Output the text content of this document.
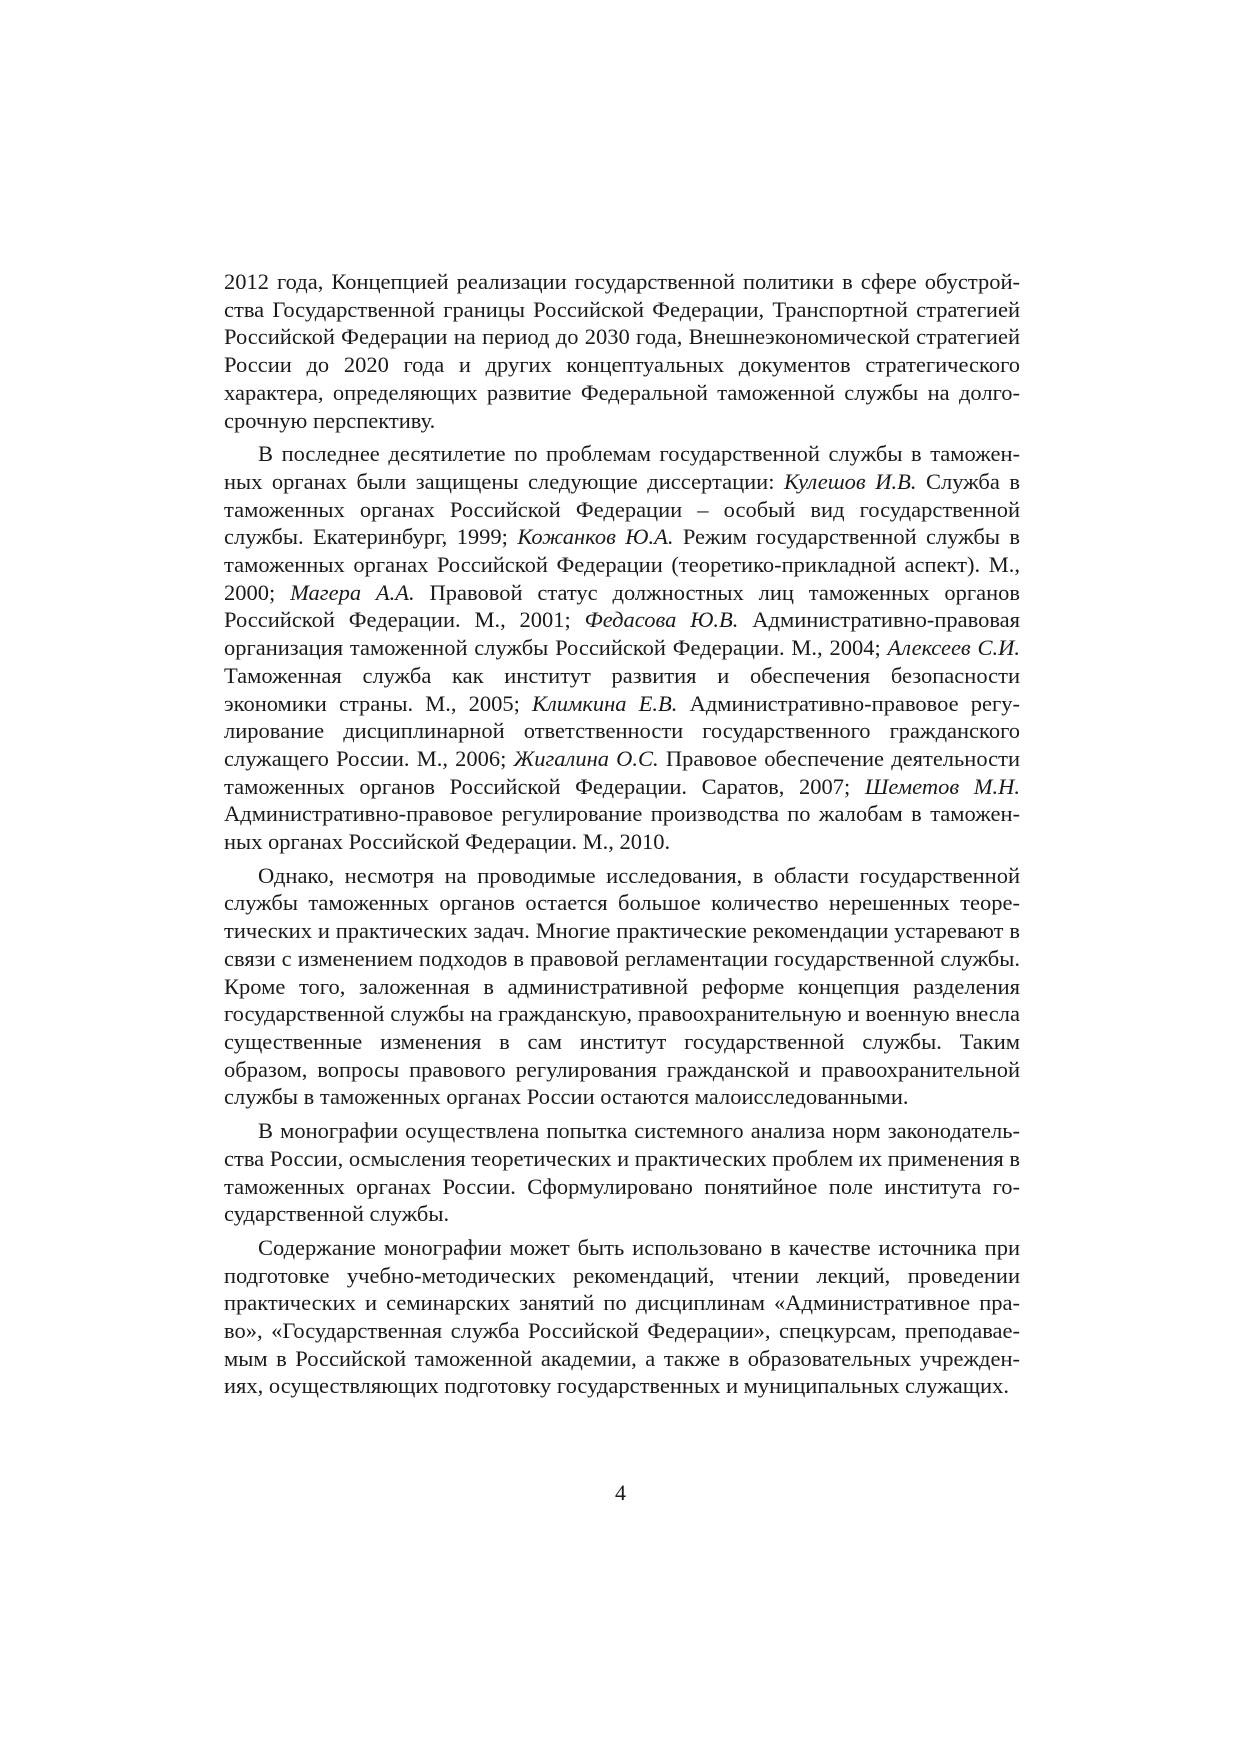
2012 года, Концепцией реализации государственной политики в сфере обустройства Государственной границы Российской Федерации, Транспортной стратегией Российской Федерации на период до 2030 года, Внешнеэкономической стратегией России до 2020 года и других концептуальных документов стратегического характера, определяющих развитие Федеральной таможенной службы на долгосрочную перспективу.

В последнее десятилетие по проблемам государственной службы в таможенных органах были защищены следующие диссертации: Кулешов И.В. Служба в таможенных органах Российской Федерации – особый вид государственной службы. Екатеринбург, 1999; Кожанков Ю.А. Режим государственной службы в таможенных органах Российской Федерации (теоретико-прикладной аспект). М., 2000; Магера А.А. Правовой статус должностных лиц таможенных органов Российской Федерации. М., 2001; Федасова Ю.В. Административно-правовая организация таможенной службы Российской Федерации. М., 2004; Алексеев С.И. Таможенная служба как институт развития и обеспечения безопасности экономики страны. М., 2005; Климкина Е.В. Административно-правовое регулирование дисциплинарной ответственности государственного гражданского служащего России. М., 2006; Жигалина О.С. Правовое обеспечение деятельности таможенных органов Российской Федерации. Саратов, 2007; Шеметов М.Н. Административно-правовое регулирование производства по жалобам в таможенных органах Российской Федерации. М., 2010.

Однако, несмотря на проводимые исследования, в области государственной службы таможенных органов остается большое количество нерешенных теоретических и практических задач. Многие практические рекомендации устаревают в связи с изменением подходов в правовой регламентации государственной службы. Кроме того, заложенная в административной реформе концепция разделения государственной службы на гражданскую, правоохранительную и военную внесла существенные изменения в сам институт государственной службы. Таким образом, вопросы правового регулирования гражданской и правоохранительной службы в таможенных органах России остаются малоисследованными.

В монографии осуществлена попытка системного анализа норм законодательства России, осмысления теоретических и практических проблем их применения в таможенных органах России. Сформулировано понятийное поле института государственной службы.

Содержание монографии может быть использовано в качестве источника при подготовке учебно-методических рекомендаций, чтении лекций, проведении практических и семинарских занятий по дисциплинам «Административное право», «Государственная служба Российской Федерации», спецкурсам, преподаваемым в Российской таможенной академии, а также в образовательных учреждениях, осуществляющих подготовку государственных и муниципальных служащих.

4
